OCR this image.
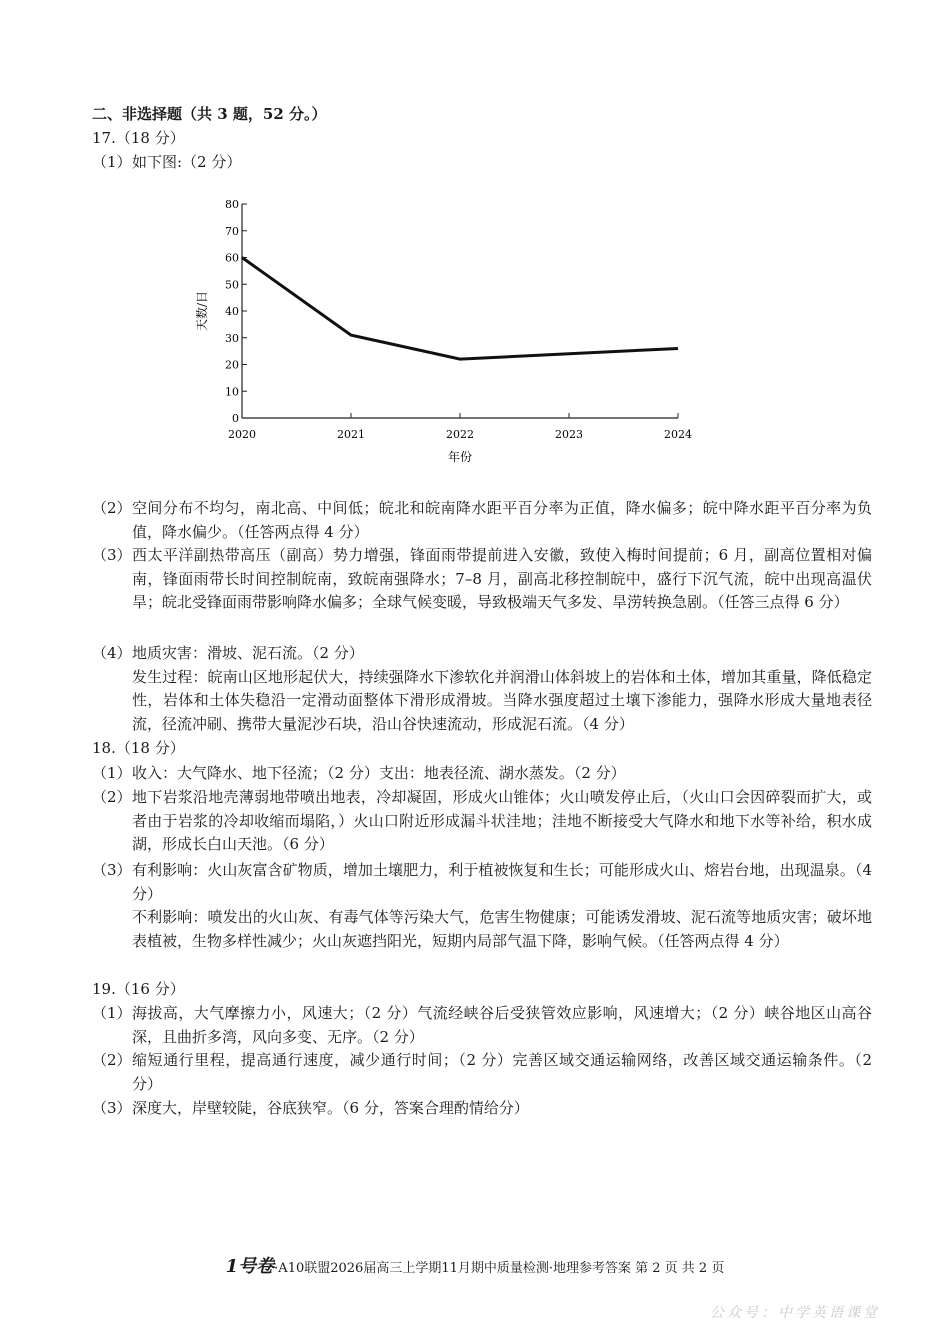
二、非选择题（共 3 题，52 分。）
17.（18 分）
（1） 如下图:（2 分）
0
10
20
30
40
50
60
70
80
2020	2021	2022	2023	2024
天数/日
年份
（2） 空间分布不均匀，南北高、中间低；皖北和皖南降水距平百分率为正值，降水偏多；皖中降水距平百分率为负值，降水偏少。（任答两点得 4 分）
（3） 西太平洋副热带高压（副高）势力增强，锋面雨带提前进入安徽，致使入梅时间提前；6 月，副高位置相对偏南，锋面雨带长时间控制皖南，致皖南强降水；7–8 月，副高北移控制皖中，盛行下沉气流，皖中出现高温伏旱；皖北受锋面雨带影响降水偏多；全球气候变暖，导致极端天气多发、旱涝转换急剧。（任答三点得 6 分）
（4） 地质灾害：滑坡、泥石流。（2 分）
发生过程：皖南山区地形起伏大，持续强降水下渗软化并润滑山体斜坡上的岩体和土体，增加其重量，降低稳定性，岩体和土体失稳沿一定滑动面整体下滑形成滑坡。当降水强度超过土壤下渗能力，强降水形成大量地表径流，径流冲刷、携带大量泥沙石块，沿山谷快速流动，形成泥石流。（4 分）
18.（18 分）
（1） 收入：大气降水、地下径流；（2 分）支出：地表径流、湖水蒸发。（2 分）
（2） 地下岩浆沿地壳薄弱地带喷出地表，冷却凝固，形成火山锥体；火山喷发停止后，（火山口会因碎裂而扩大，或者由于岩浆的冷却收缩而塌陷，）火山口附近形成漏斗状洼地；洼地不断接受大气降水和地下水等补给，积水成湖，形成长白山天池。（6 分）
（3） 有利影响：火山灰富含矿物质，增加土壤肥力，利于植被恢复和生长；可能形成火山、熔岩台地，出现温泉。（4 分）
不利影响：喷发出的火山灰、有毒气体等污染大气，危害生物健康；可能诱发滑坡、泥石流等地质灾害；破坏地表植被，生物多样性减少；火山灰遮挡阳光，短期内局部气温下降，影响气候。（任答两点得 4 分）
19.（16 分）
（1） 海拔高，大气摩擦力小，风速大；（2 分）气流经峡谷后受狭管效应影响，风速增大；（2 分）峡谷地区山高谷深，且曲折多湾，风向多变、无序。（2 分）
（2） 缩短通行里程，提高通行速度，减少通行时间；（2 分）完善区域交通运输网络，改善区域交通运输条件。（2 分）
（3） 深度大，岸壁较陡，谷底狭窄。（6 分，答案合理酌情给分）
1号卷·A10联盟2026届高三上学期11月期中质量检测·地理参考答案 第 2 页 共 2 页
公众号：中学英语课堂
